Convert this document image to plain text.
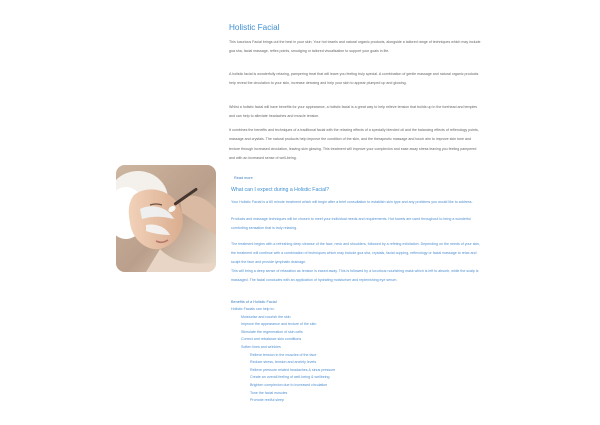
Holistic Facial

This luxurious Facial brings out the best in your skin. Your hot towels and natural organic products, alongside a tailored range of techniques which may include gua sha, facial massage, reflex points, smudging or tailored visualisation to support your goals in life.

A holistic facial is wonderfully relaxing, pampering treat that will leave you feeling truly special. A combination of gentle massage and natural organic products help reveal the circulation to your skin, increase detoxing and help your skin to appear plumped up and glowing.

Whilst a holistic facial will have benefits for your appearance, a holistic facial is a great way to help relieve tension that builds up in the forehead and temples and can help to alleviate headaches and muscle tension.

It combines the benefits and techniques of a traditional facial with the relaxing effects of a specially blended oil and the balancing effects of reflexology points, massage and crystals. The natural products help improve the condition of the skin, and the therapeutic massage and touch aim to improve skin tone and texture through increased circulation, leaving skin glowing. This treatment will improve your complexion and ease away stress leaving you feeling pampered and with an increased sense of well-being.

Read more
What can I expect during a Holistic Facial?

Your Holistic Facial is a 60 minute treatment which will begin after a brief consultation to establish skin type and any problems you would like to address.

Products and massage techniques will be chosen to meet your individual needs and requirements. Hot towels are used throughout to bring a wonderful comforting sensation that is truly relaxing.

The treatment begins with a refreshing deep cleanse of the face, neck and shoulders, followed by a refining exfoliation. Depending on the needs of your skin, the treatment will continue with a combination of techniques which may include gua sha, crystals, facial cupping, reflexology or facial massage to relax and sculpt the face and provide lymphatic drainage.

This will bring a deep sense of relaxation as tension is eased away. This is followed by a luxurious nourishing mask which is left to absorb, while the scalp is massaged. The facial concludes with an application of hydrating moisturiser and replenishing eye serum.

Benefits of a Holistic Facial
Holistic Facials can help to:
Moisturise and nourish the skin
Improve the appearance and texture of the skin
Stimulate the regeneration of skin cells
Correct and rebalance skin conditions
Soften lines and wrinkles
Relieve tension in the muscles of the face
Reduce stress, tension and anxiety levels
Relieve pressure related headaches & sinus pressure
Create an overall feeling of well-being & wellbeing
Brighten complexion due to increased circulation
Tone the facial muscles
Promote restful sleep
